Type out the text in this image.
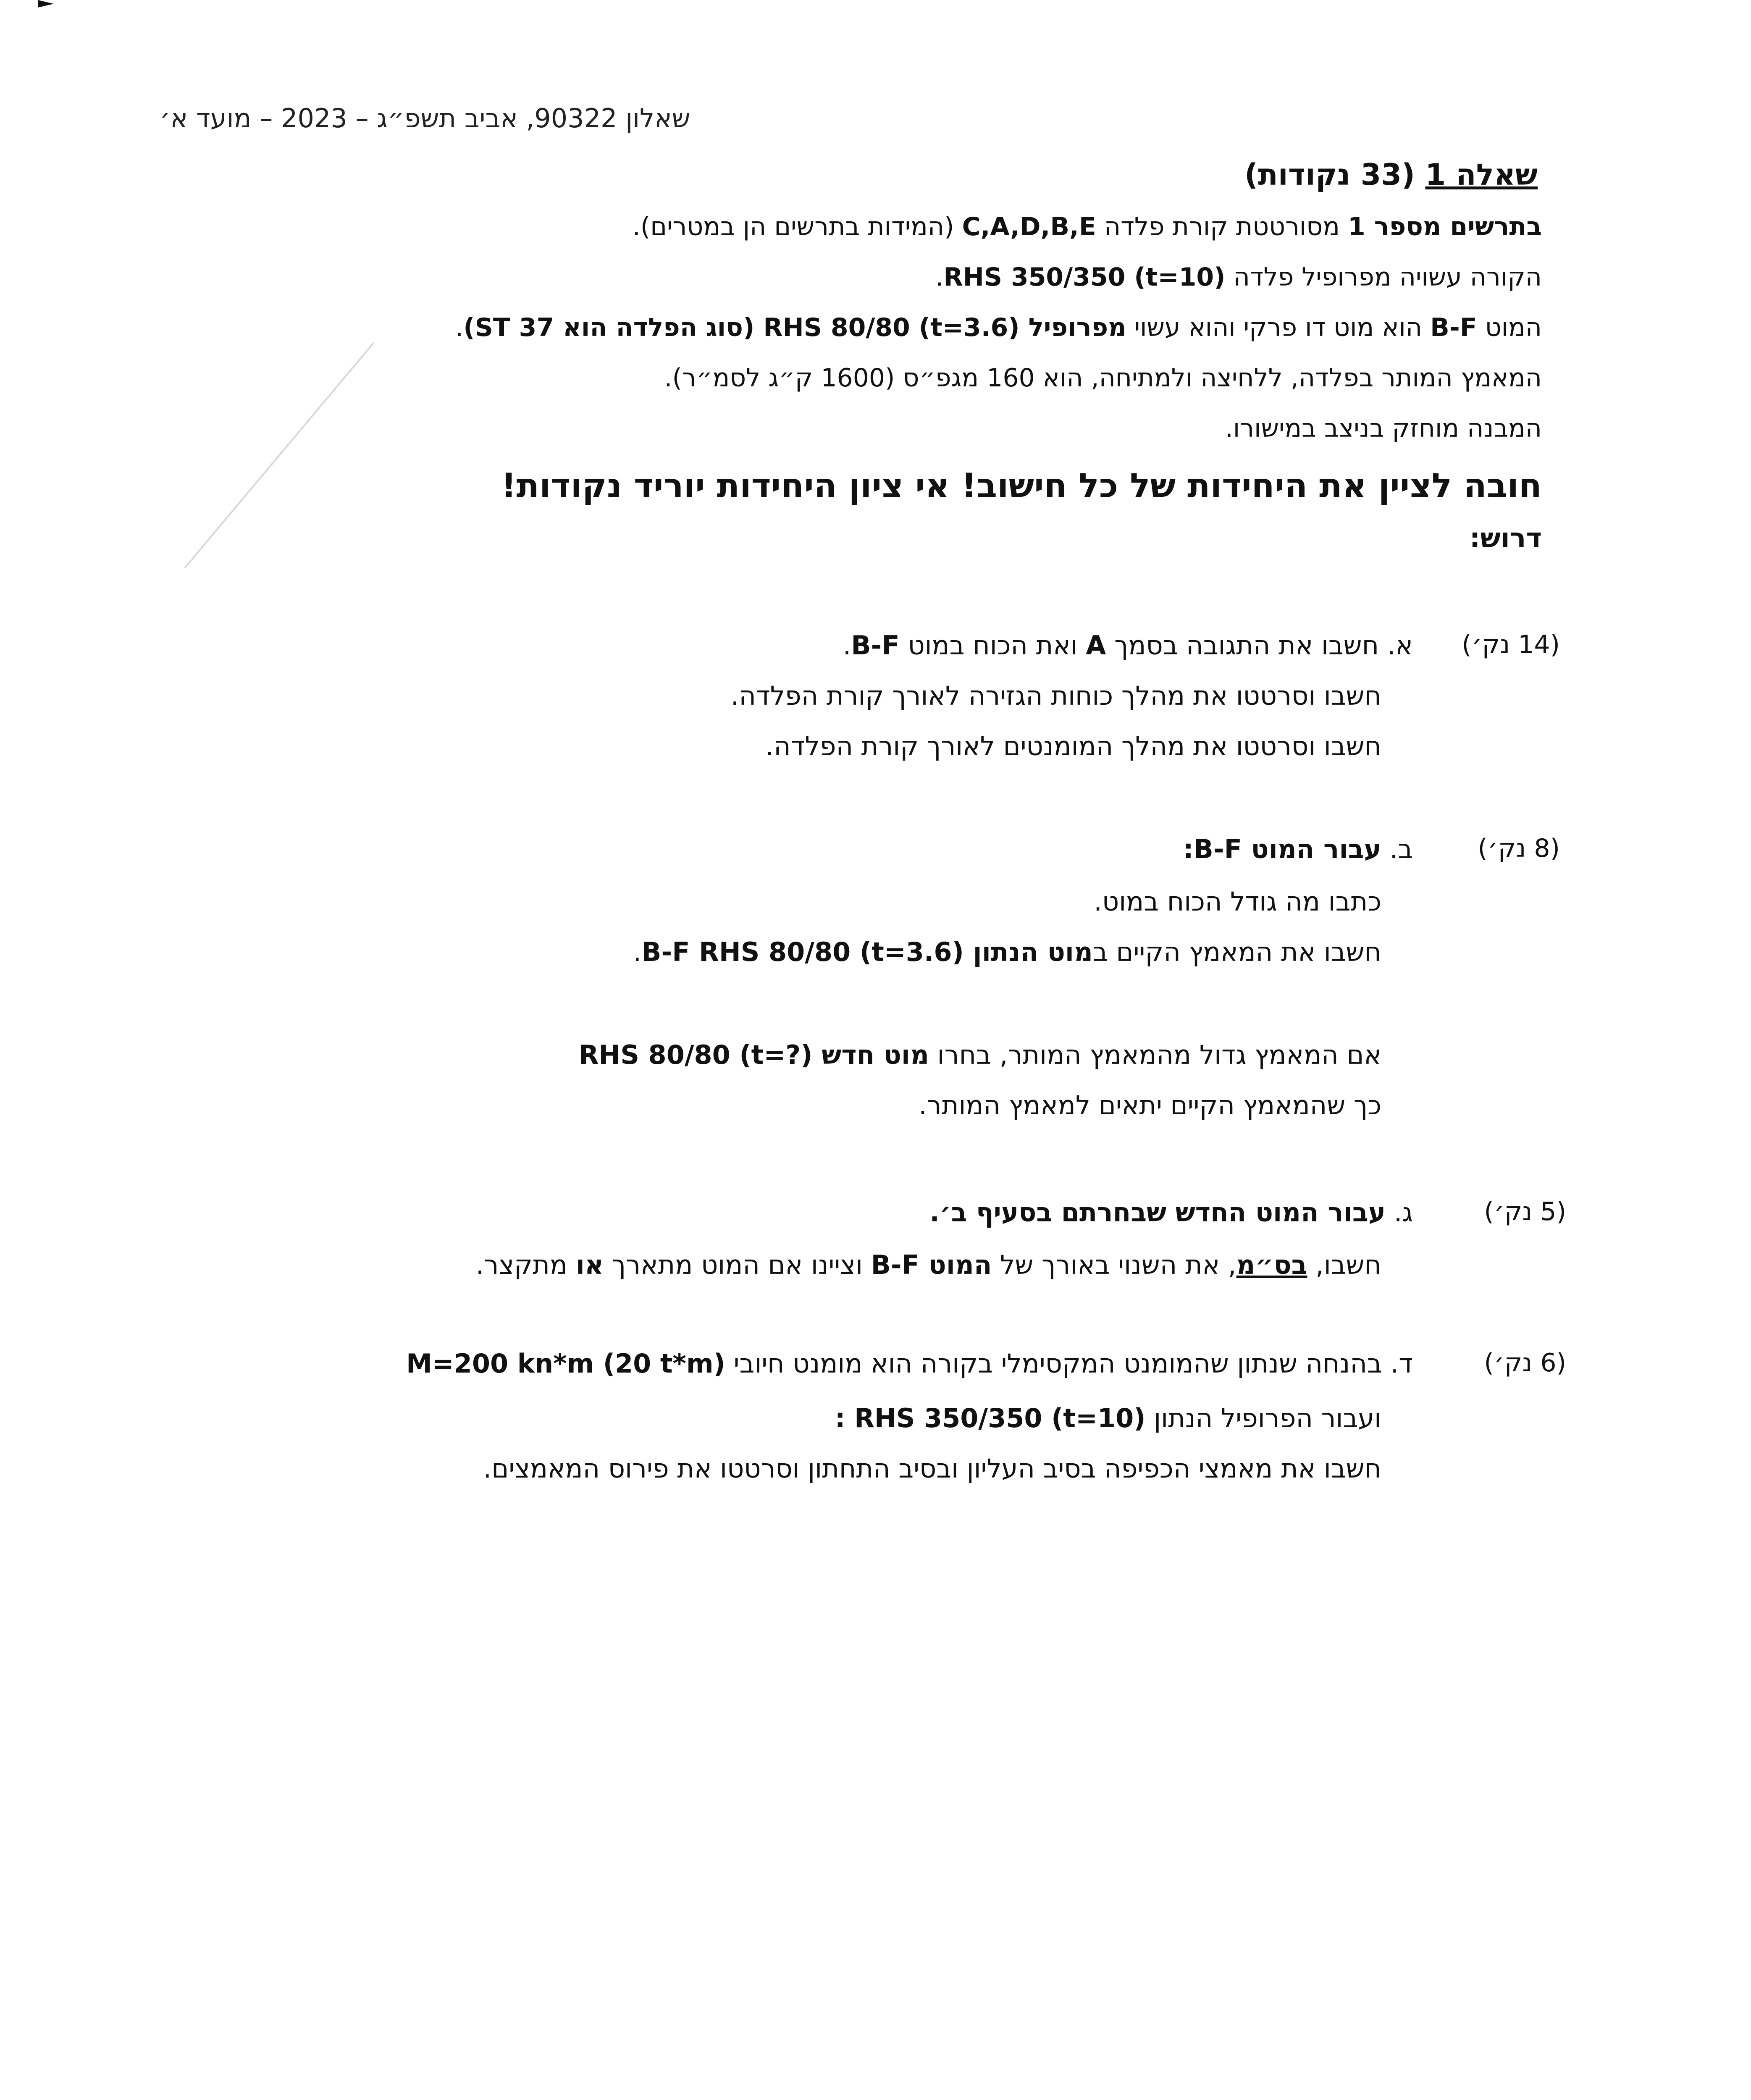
שאלון 90322, אביב תשפ״ג – 2023 – מועד א׳
שאלה 1 (33 נקודות)
בתרשים מספר 1 מסורטטת קורת פלדה C,A,D,B,E (המידות בתרשים הן במטרים).
הקורה עשויה מפרופיל פלדה RHS 350/350 (t=10).
המוט B-F הוא מוט דו פרקי והוא עשוי מפרופיל RHS 80/80 (t=3.6) (סוג הפלדה הוא ST 37).
המאמץ המותר בפלדה, ללחיצה ולמתיחה, הוא 160 מגפ״ס (1600 ק״ג לסמ״ר).
המבנה מוחזק בניצב במישורו.
חובה לציין את היחידות של כל חישוב! אי ציון היחידות יוריד נקודות!
דרוש:
(14 נק׳)
א. חשבו את התגובה בסמך A ואת הכוח במוט B-F.
חשבו וסרטטו את מהלך כוחות הגזירה לאורך קורת הפלדה.
חשבו וסרטטו את מהלך המומנטים לאורך קורת הפלדה.
(8 נק׳)
ב. עבור המוט B-F:
כתבו מה גודל הכוח במוט.
חשבו את המאמץ הקיים במוט הנתון B-F RHS 80/80 (t=3.6).
אם המאמץ גדול מהמאמץ המותר, בחרו מוט חדש RHS 80/80 (t=?)
כך שהמאמץ הקיים יתאים למאמץ המותר.
(5 נק׳)
ג. עבור המוט החדש שבחרתם בסעיף ב׳.
חשבו, בס״מ, את השנוי באורך של המוט B-F וציינו אם המוט מתארך או מתקצר.
(6 נק׳)
ד. בהנחה שנתון שהמומנט המקסימלי בקורה הוא מומנט חיובי M=200 kn*m (20 t*m)
ועבור הפרופיל הנתון RHS 350/350 (t=10) :
חשבו את מאמצי הכפיפה בסיב העליון ובסיב התחתון וסרטטו את פירוס המאמצים.
